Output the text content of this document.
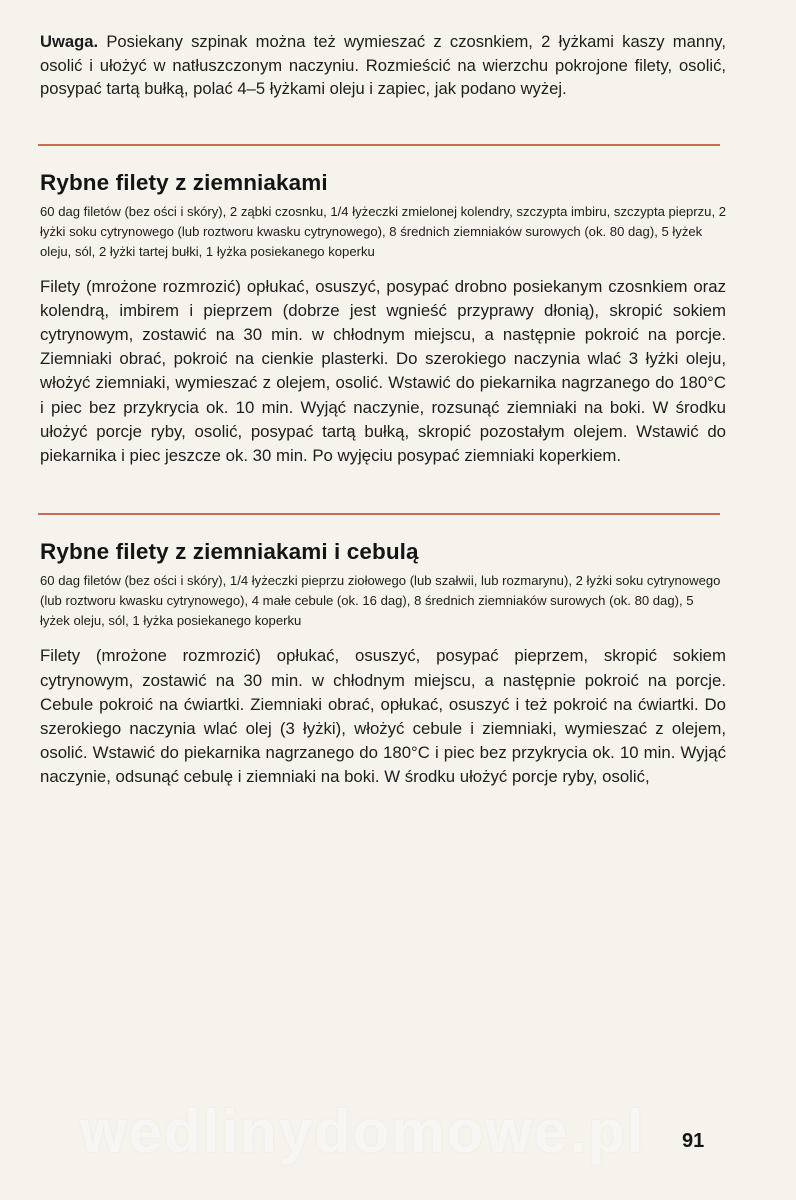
Uwaga. Posiekany szpinak można też wymieszać z czosnkiem, 2 łyżkami kaszy manny, osolić i ułożyć w natłuszczonym naczyniu. Rozmieścić na wierzchu pokrojone filety, osolić, posypać tartą bułką, polać 4–5 łyżkami oleju i zapiec, jak podano wyżej.

Rybne filety z ziemniakami

60 dag filetów (bez ości i skóry), 2 ząbki czosnku, 1/4 łyżeczki zmielonej kolendry, szczypta imbiru, szczypta pieprzu, 2 łyżki soku cytrynowego (lub roztworu kwasku cytrynowego), 8 średnich ziemniaków surowych (ok. 80 dag), 5 łyżek oleju, sól, 2 łyżki tartej bułki, 1 łyżka posiekanego koperku

Filety (mrożone rozmrozić) opłukać, osuszyć, posypać drobno posiekanym czosnkiem oraz kolendrą, imbirem i pieprzem (dobrze jest wgnieść przyprawy dłonią), skropić sokiem cytrynowym, zostawić na 30 min. w chłodnym miejscu, a następnie pokroić na porcje. Ziemniaki obrać, pokroić na cienkie plasterki. Do szerokiego naczynia wlać 3 łyżki oleju, włożyć ziemniaki, wymieszać z olejem, osolić. Wstawić do piekarnika nagrzanego do 180°C i piec bez przykrycia ok. 10 min. Wyjąć naczynie, rozsunąć ziemniaki na boki. W środku ułożyć porcje ryby, osolić, posypać tartą bułką, skropić pozostałym olejem. Wstawić do piekarnika i piec jeszcze ok. 30 min. Po wyjęciu posypać ziemniaki koperkiem.

Rybne filety z ziemniakami i cebulą

60 dag filetów (bez ości i skóry), 1/4 łyżeczki pieprzu ziołowego (lub szałwii, lub rozmarynu), 2 łyżki soku cytrynowego (lub roztworu kwasku cytrynowego), 4 małe cebule (ok. 16 dag), 8 średnich ziemniaków surowych (ok. 80 dag), 5 łyżek oleju, sól, 1 łyżka posiekanego koperku

Filety (mrożone rozmrozić) opłukać, osuszyć, posypać pieprzem, skropić sokiem cytrynowym, zostawić na 30 min. w chłodnym miejscu, a następnie pokroić na porcje. Cebule pokroić na ćwiartki. Ziemniaki obrać, opłukać, osuszyć i też pokroić na ćwiartki. Do szerokiego naczynia wlać olej (3 łyżki), włożyć cebule i ziemniaki, wymieszać z olejem, osolić. Wstawić do piekarnika nagrzanego do 180°C i piec bez przykrycia ok. 10 min. Wyjąć naczynie, odsunąć cebulę i ziemniaki na boki. W środku ułożyć porcje ryby, osolić,

wedlinydomowe.pl	91
